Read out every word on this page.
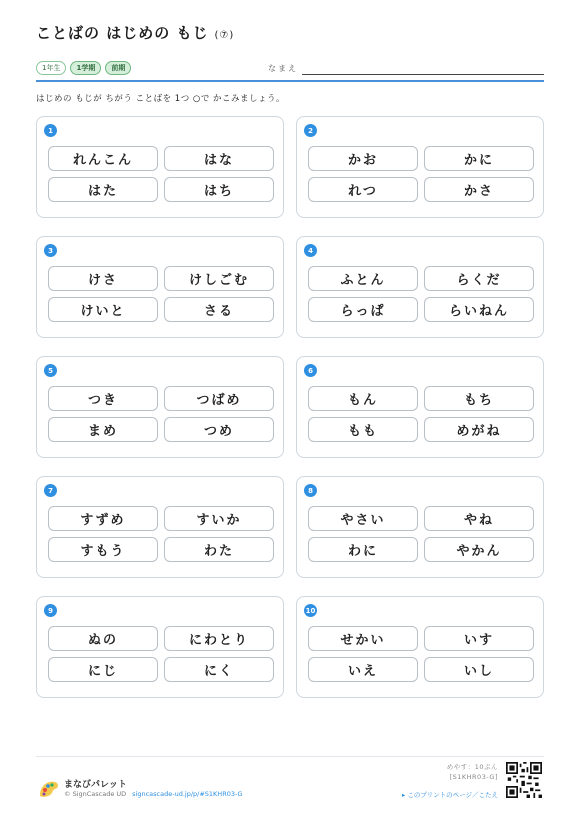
ことばの はじめの もじ (⑦)
1年生	1学期	前期	なまえ
はじめの もじが ちがう ことばを 1つ ○で かこみましょう。
1
れんこん	はな
はた	はち
2
かお	かに
れつ	かさ
3
けさ	けしごむ
けいと	さる
4
ふとん	らくだ
らっぱ	らいねん
5
つき	つばめ
まめ	つめ
6
もん	もち
もも	めがね
7
すずめ	すいか
すもう	わた
8
やさい	やね
わに	やかん
9
ぬの	にわとり
にじ	にく
10
せかい	いす
いえ	いし
まなびパレット
© SignCascade UD signcascade-ud.jp/p/#S1KHR03-G
めやす：10ぷん
[S1KHR03-G]
▸ このプリントのページ／こたえ
